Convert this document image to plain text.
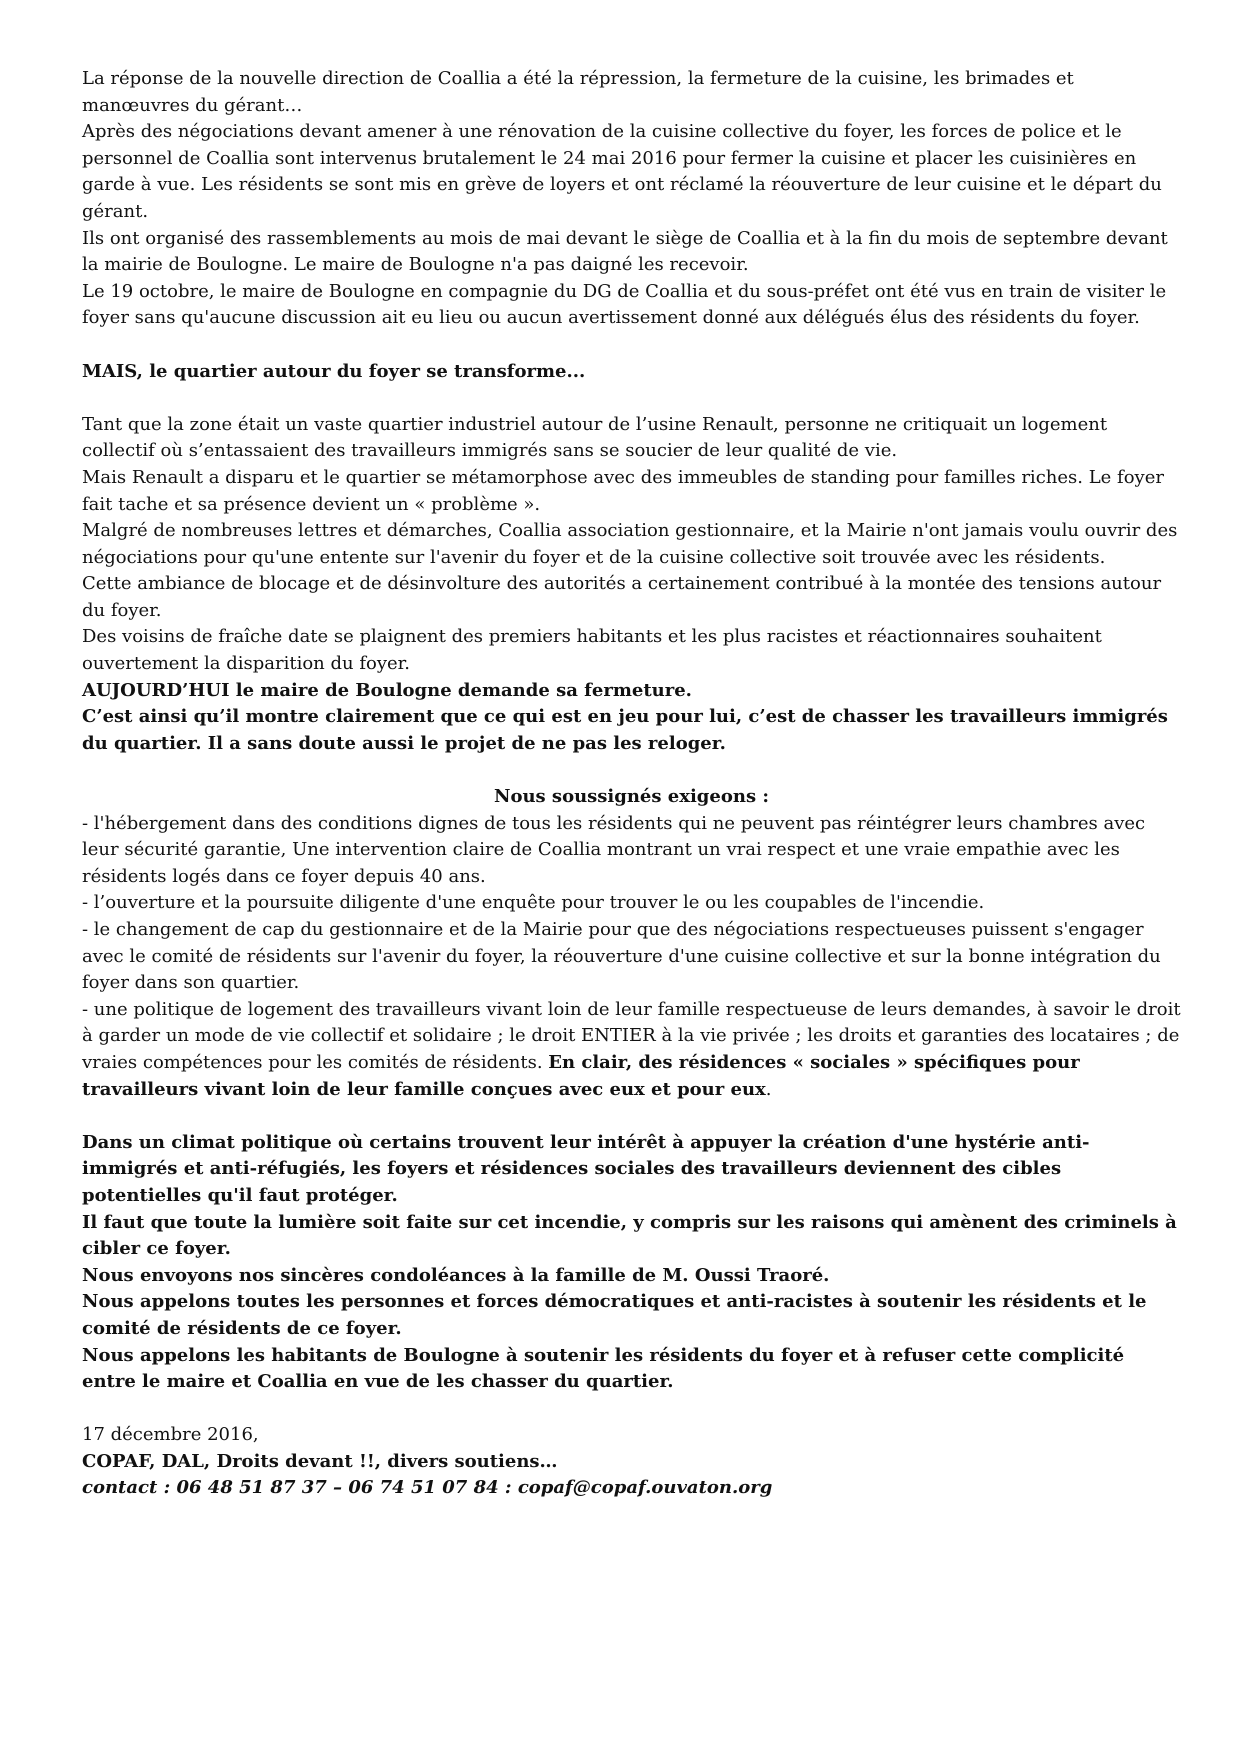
La réponse de la nouvelle direction de Coallia a été la répression, la fermeture de la cuisine, les brimades et manœuvres du gérant…

Après des négociations devant amener à une rénovation de la cuisine collective du foyer, les forces de police et le personnel de Coallia sont intervenus brutalement le 24 mai 2016 pour fermer la cuisine et placer les cuisinières en garde à vue. Les résidents se sont mis en grève de loyers et ont réclamé la réouverture de leur cuisine et le départ du gérant.

Ils ont organisé des rassemblements au mois de mai devant le siège de Coallia et à la fin du mois de septembre devant la mairie de Boulogne. Le maire de Boulogne n'a pas daigné les recevoir.

Le 19 octobre, le maire de Boulogne en compagnie du DG de Coallia et du sous-préfet ont été vus en train de visiter le foyer sans qu'aucune discussion ait eu lieu ou aucun avertissement donné aux délégués élus des résidents du foyer.

MAIS, le quartier autour du foyer se transforme...

Tant que la zone était un vaste quartier industriel autour de l’usine Renault, personne ne critiquait un logement collectif où s’entassaient des travailleurs immigrés sans se soucier de leur qualité de vie.

Mais Renault a disparu et le quartier se métamorphose avec des immeubles de standing pour familles riches. Le foyer fait tache et sa présence devient un « problème ».

Malgré de nombreuses lettres et démarches, Coallia association gestionnaire, et la Mairie n'ont jamais voulu ouvrir des négociations pour qu'une entente sur l'avenir du foyer et de la cuisine collective soit trouvée avec les résidents.

Cette ambiance de blocage et de désinvolture des autorités a certainement contribué à la montée des tensions autour du foyer.

Des voisins de fraîche date se plaignent des premiers habitants et les plus racistes et réactionnaires souhaitent ouvertement la disparition du foyer.

AUJOURD’HUI le maire de Boulogne demande sa fermeture.

C’est ainsi qu’il montre clairement que ce qui est en jeu pour lui, c’est de chasser les travailleurs immigrés du quartier. Il a sans doute aussi le projet de ne pas les reloger.

Nous soussignés exigeons :

- l'hébergement dans des conditions dignes de tous les résidents qui ne peuvent pas réintégrer leurs chambres avec leur sécurité garantie, Une intervention claire de Coallia montrant un vrai respect et une vraie empathie avec les résidents logés dans ce foyer depuis 40 ans.

- l’ouverture et la poursuite diligente d'une enquête pour trouver le ou les coupables de l'incendie.

- le changement de cap du gestionnaire et de la Mairie pour que des négociations respectueuses puissent s'engager avec le comité de résidents sur l'avenir du foyer, la réouverture d'une cuisine collective et sur la bonne intégration du foyer dans son quartier.

- une politique de logement des travailleurs vivant loin de leur famille respectueuse de leurs demandes, à savoir le droit à garder un mode de vie collectif et solidaire ; le droit ENTIER à la vie privée ; les droits et garanties des locataires ; de vraies compétences pour les comités de résidents. En clair, des résidences « sociales » spécifiques pour travailleurs vivant loin de leur famille conçues avec eux et pour eux.

Dans un climat politique où certains trouvent leur intérêt à appuyer la création d'une hystérie anti-immigrés et anti-réfugiés, les foyers et résidences sociales des travailleurs deviennent des cibles potentielles qu'il faut protéger.

Il faut que toute la lumière soit faite sur cet incendie, y compris sur les raisons qui amènent des criminels à cibler ce foyer.

Nous envoyons nos sincères condoléances à la famille de M. Oussi Traoré.

Nous appelons toutes les personnes et forces démocratiques et anti-racistes à soutenir les résidents et le comité de résidents de ce foyer.

Nous appelons les habitants de Boulogne à soutenir les résidents du foyer et à refuser cette complicité entre le maire et Coallia en vue de les chasser du quartier.

17 décembre 2016,

COPAF, DAL, Droits devant !!, divers soutiens…

contact : 06 48 51 87 37 – 06 74 51 07 84 : copaf@copaf.ouvaton.org
